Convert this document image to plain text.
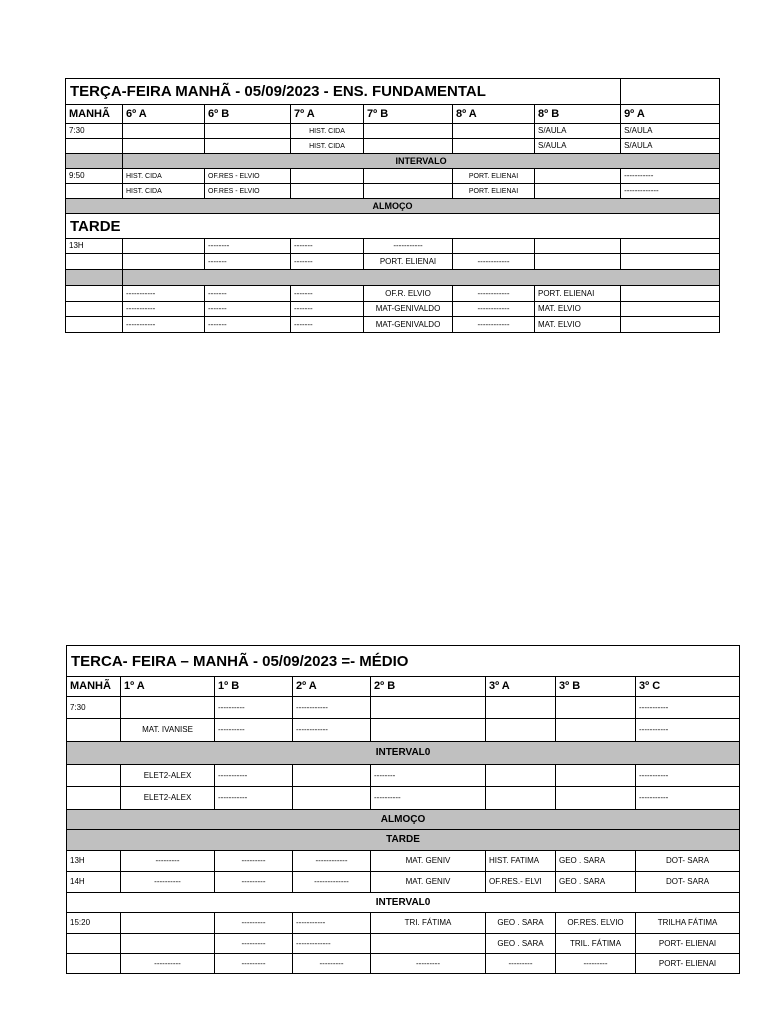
TERÇA-FEIRA MANHÃ - 05/09/2023 - ENS. FUNDAMENTAL							
MANHÃ	6º A	6º B	7º A	7º B	8º A	8º B	9º A
7:30			HIST. CIDA			S/AULA	S/AULA
			HIST. CIDA			S/AULA	S/AULA
	INTERVALO						
9:50	HIST. CIDA	OF.RES - ELVIO			PORT. ELIENAI		-----------
	HIST. CIDA	OF.RES - ELVIO			PORT. ELIENAI		-------------
ALMOÇO							
TARDE							
13H		--------	-------	-----------			
		-------	-------	PORT. ELIENAI	------------		

	-----------	-------	-------	OF.R. ELVIO	------------	PORT. ELIENAI	
	-----------	-------	-------	MAT-GENIVALDO	------------	MAT. ELVIO	
	-----------	-------	-------	MAT-GENIVALDO	------------	MAT. ELVIO	
TERCA- FEIRA – MANHÃ - 05/09/2023 =- MÉDIO							
MANHÃ	1º A	1º B	2º A	2º B	3º A	3º B	3º C
7:30		----------	------------				-----------
	MAT. IVANISE	----------	------------				-----------
INTERVAL0							
	ELET2-ALEX	-----------		--------			-----------
	ELET2-ALEX	-----------		----------			-----------
ALMOÇO							
TARDE							
13H	---------	---------	------------	MAT. GENIV	HIST. FATIMA	GEO . SARA	DOT- SARA
14H	----------	---------	-------------	MAT. GENIV	OF.RES.- ELVI	GEO . SARA	DOT- SARA
INTERVAL0							
15:20		---------	-----------	TRI. FÁTIMA	GEO . SARA	OF.RES. ELVIO	TRILHA FÁTIMA
		---------	-------------		GEO . SARA	TRIL. FÁTIMA	PORT- ELIENAI
	----------	---------	---------	---------	---------	---------	PORT- ELIENAI
